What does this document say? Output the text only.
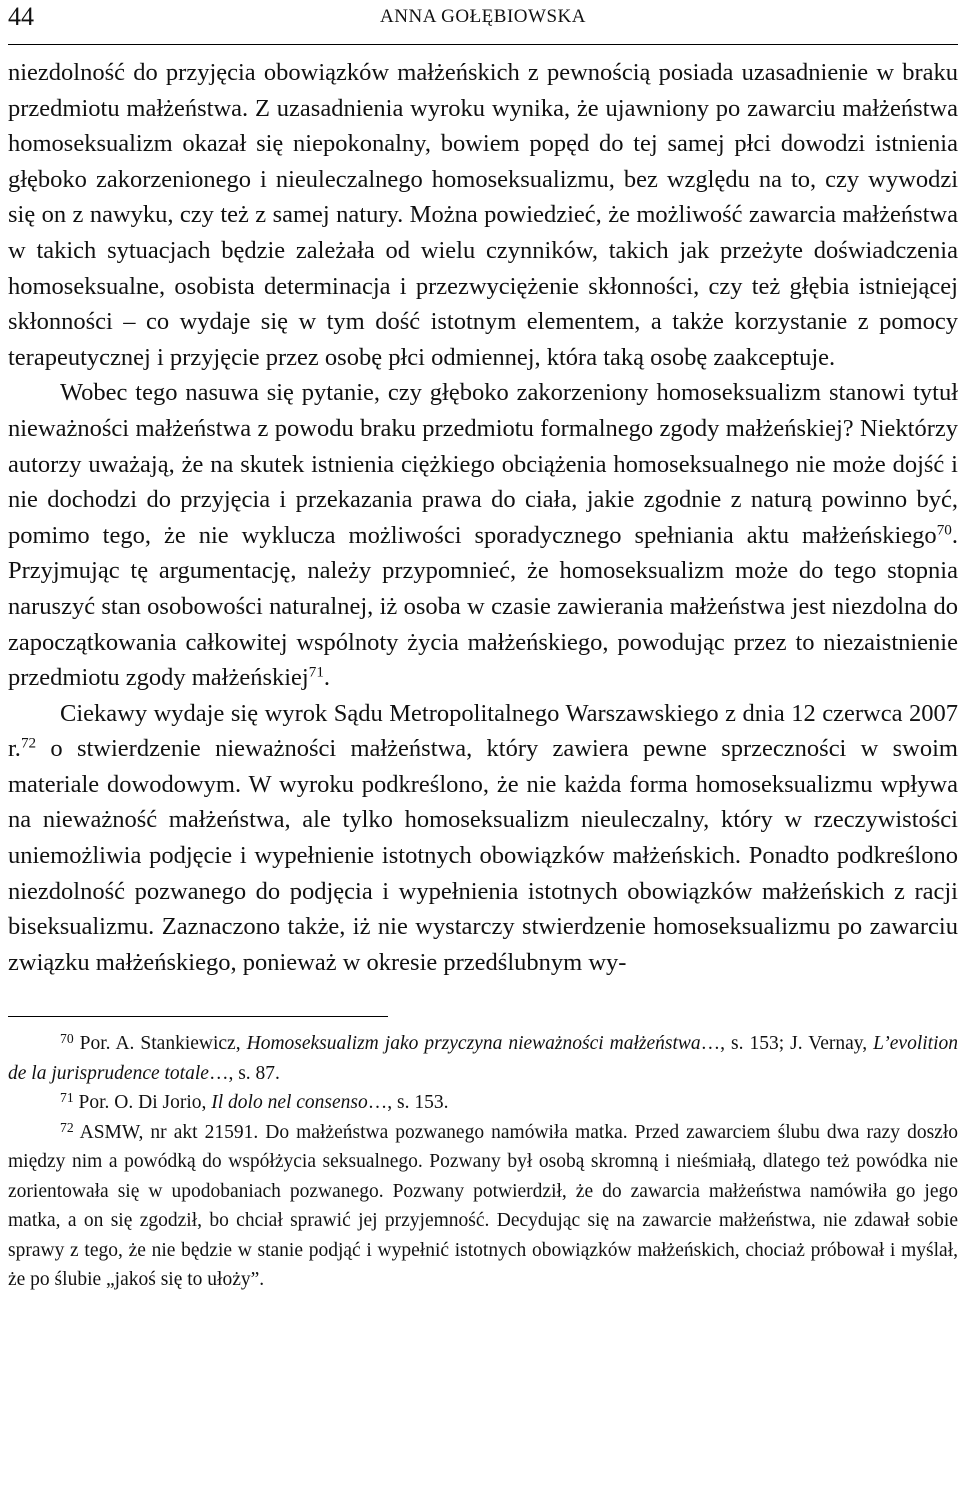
44	ANNA GOŁĘBIOWSKA

niezdolność do przyjęcia obowiązków małżeńskich z pewnością posiada uzasadnienie w braku przedmiotu małżeństwa. Z uzasadnienia wyroku wynika, że ujawniony po zawarciu małżeństwa homoseksualizm okazał się niepokonalny, bowiem popęd do tej samej płci dowodzi istnienia głęboko zakorzenionego i nieuleczalnego homoseksualizmu, bez względu na to, czy wywodzi się on z nawyku, czy też z samej natury. Można powiedzieć, że możliwość zawarcia małżeństwa w takich sytuacjach będzie zależała od wielu czynników, takich jak przeżyte doświadczenia homoseksualne, osobista determinacja i przezwyciężenie skłonności, czy też głębia istniejącej skłonności – co wydaje się w tym dość istotnym elementem, a także korzystanie z pomocy terapeutycznej i przyjęcie przez osobę płci odmiennej, która taką osobę zaakceptuje.

Wobec tego nasuwa się pytanie, czy głęboko zakorzeniony homoseksualizm stanowi tytuł nieważności małżeństwa z powodu braku przedmiotu formalnego zgody małżeńskiej? Niektórzy autorzy uważają, że na skutek istnienia ciężkiego obciążenia homoseksualnego nie może dojść i nie dochodzi do przyjęcia i przekazania prawa do ciała, jakie zgodnie z naturą powinno być, pomimo tego, że nie wyklucza możliwości sporadycznego spełniania aktu małżeńskiego$^{70}$. Przyjmując tę argumentację, należy przypomnieć, że homoseksualizm może do tego stopnia naruszyć stan osobowości naturalnej, iż osoba w czasie zawierania małżeństwa jest niezdolna do zapoczątkowania całkowitej wspólnoty życia małżeńskiego, powodując przez to niezaistnienie przedmiotu zgody małżeńskiej$^{71}$.

Ciekawy wydaje się wyrok Sądu Metropolitalnego Warszawskiego z dnia 12 czerwca 2007 r.$^{72}$ o stwierdzenie nieważności małżeństwa, który zawiera pewne sprzeczności w swoim materiale dowodowym. W wyroku podkreślono, że nie każda forma homoseksualizmu wpływa na nieważność małżeństwa, ale tylko homoseksualizm nieuleczalny, który w rzeczywistości uniemożliwia podjęcie i wypełnienie istotnych obowiązków małżeńskich. Ponadto podkreślono niezdolność pozwanego do podjęcia i wypełnienia istotnych obowiązków małżeńskich z racji biseksualizmu. Zaznaczono także, iż nie wystarczy stwierdzenie homoseksualizmu po zawarciu związku małżeńskiego, ponieważ w okresie przedślubnym wy-

$^{70}$ Por. A. Stankiewicz, Homoseksualizm jako przyczyna nieważności małżeństwa…, s. 153; J. Vernay, L’evolition de la jurisprudence totale…, s. 87.

$^{71}$ Por. O. Di Jorio, Il dolo nel consenso…, s. 153.

$^{72}$ ASMW, nr akt 21591. Do małżeństwa pozwanego namówiła matka. Przed zawarciem ślubu dwa razy doszło między nim a powódką do współżycia seksualnego. Pozwany był osobą skromną i nieśmiałą, dlatego też powódka nie zorientowała się w upodobaniach pozwanego. Pozwany potwierdził, że do zawarcia małżeństwa namówiła go jego matka, a on się zgodził, bo chciał sprawić jej przyjemność. Decydując się na zawarcie małżeństwa, nie zdawał sobie sprawy z tego, że nie będzie w stanie podjąć i wypełnić istotnych obowiązków małżeńskich, chociaż próbował i myślał, że po ślubie „jakoś się to ułoży”.
